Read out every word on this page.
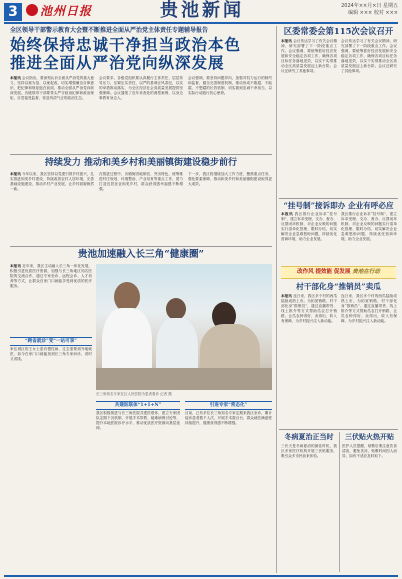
3	池州日报	贵池新闻	2024年××月×日 星期五
编辑 ××× 校对 ×××
全区领导干部警示教育大会暨不断推进全面从严治党主体责任专题辅导报告
始终保持忠诚干净担当政治本色
推进全面从严治党向纵深发展
本报讯 会议指出，要深刻认识全面从严治党的重大意义，坚持以案为鉴、以案促改，切实增强廉洁自律意识，把纪律和规矩挺在前面，推动全面从严治党向纵深发展。各级领导干部要带头严守政治纪律和政治规矩，自觉接受监督，营造风清气正的政治生态。
会议要求，各级党组织要认真履行主体责任，层层传导压力，压紧压实责任，以严的基调正风肃纪，以实的举措推动落实，为全区经济社会高质量发展提供坚强保障。会议通报了近年来查处的典型案例，以身边事教育身边人。
会议强调，要坚持问题导向，加强对权力运行的制约和监督，健全完善制度机制，推动形成不敢腐、不能腐、不想腐的长效机制，切实做到忠诚干净担当，以实际行动践行初心使命。
区委常委会第115次会议召开
本报讯 会议传达学习了有关会议精神，研究部署了下一阶段重点工作。会议强调，要统筹抓好经济发展和安全稳定各项工作，确保各项目标任务落地见效，以实干实绩推动全区高质量发展迈上新台阶。会议还研究了其他事项。
会议传达学习了有关会议精神，研究部署了下一阶段重点工作。会议强调，要统筹抓好经济发展和安全稳定各项工作，确保各项目标任务落地见效，以实干实绩推动全区高质量发展迈上新台阶。会议还研究了其他事项。
“挂号制”接诉即办 企业有呼必应
本报讯 我区推行企业诉求“挂号制”，建立诉求受理、交办、督办、反馈闭环机制，对企业反映的问题实行清单化管理、限时办结，切实解决企业急难愁盼问题，持续优化营商环境，助力企业发展。
我区推行企业诉求“挂号制”，建立诉求受理、交办、督办、反馈闭环机制，对企业反映的问题实行清单化管理、限时办结，切实解决企业急难愁盼问题，持续优化营商环境，助力企业发展。
改作风 提效能 促发展 贵池在行动
村干部化身“推销员”卖瓜
本报讯 连日来，我区多个村的西瓜陆续成熟上市。为拓宽销路，村干部化身“推销员”，通过直播带货、线上推介等方式帮助瓜农打开销路，让瓜农种得好、卖得出，收入有保障，为乡村振兴注入新动能。
连日来，我区多个村的西瓜陆续成熟上市。为拓宽销路，村干部化身“推销员”，通过直播带货、线上推介等方式帮助瓜农打开销路，让瓜农种得好、卖得出，收入有保障，为乡村振兴注入新动能。
冬病夏治正当时
三伏天是冬病夏治的最佳时机，我区多家医疗机构开展三伏贴服务，吸引众多市民前来体验。
三伏贴火热开贴
医护人员提醒，贴敷后要注意饮食清淡，避免贪凉，贴敷时间因人而异，如有不适应及时取下。
持续发力 推动和美乡村和美丽镇街建设稳步前行
本报讯 今年以来，我区坚持以党建引领乡村振兴，扎实推进和美乡村建设，持续改善农村人居环境，完善基础设施建设，推动乡村产业发展，让乡村面貌焕然一新。
在推进过程中，各镇街因地制宜、突出特色，统筹推进村庄规划、环境整治、产业培育等重点工作，着力打造宜居宜业和美乡村，群众获得感幸福感不断增强。
下一步，我区将继续加大工作力度，聚焦重点任务，强化要素保障，推动和美乡村和美丽镇街建设取得更大成效。
贵池加速融入长三角“健康圈”
本报讯 近年来，我区主动融入长三角一体化发展，积极引进优质医疗资源，加强与长三角地区知名医院的交流合作，通过专家坐诊、远程会诊、人才培养等方式，让群众在家门口就能享受到优质的医疗服务。
“跨省就诊”变“一站可享”
家住城区的王女士患有慢性病，过去需要到外地就医，如今在家门口就能找到长三角专家问诊，省时又省钱。
长三角知名专家在区人民医院为患者看诊 记者 摄
共建医联体“1+1+N”
我区积极推进与长三角医院共建医联体，建立专家团队定期下沉机制，开展手术带教、疑难病例讨论等，提升本地医院诊疗水平，推动优质医疗资源向基层延伸。
引进专家“常态化”
目前，已有多位长三角知名专家定期来我区坐诊，累计接诊患者数千人次，开展手术数百台，群众就医满意度持续提升，健康获得感不断增强。
